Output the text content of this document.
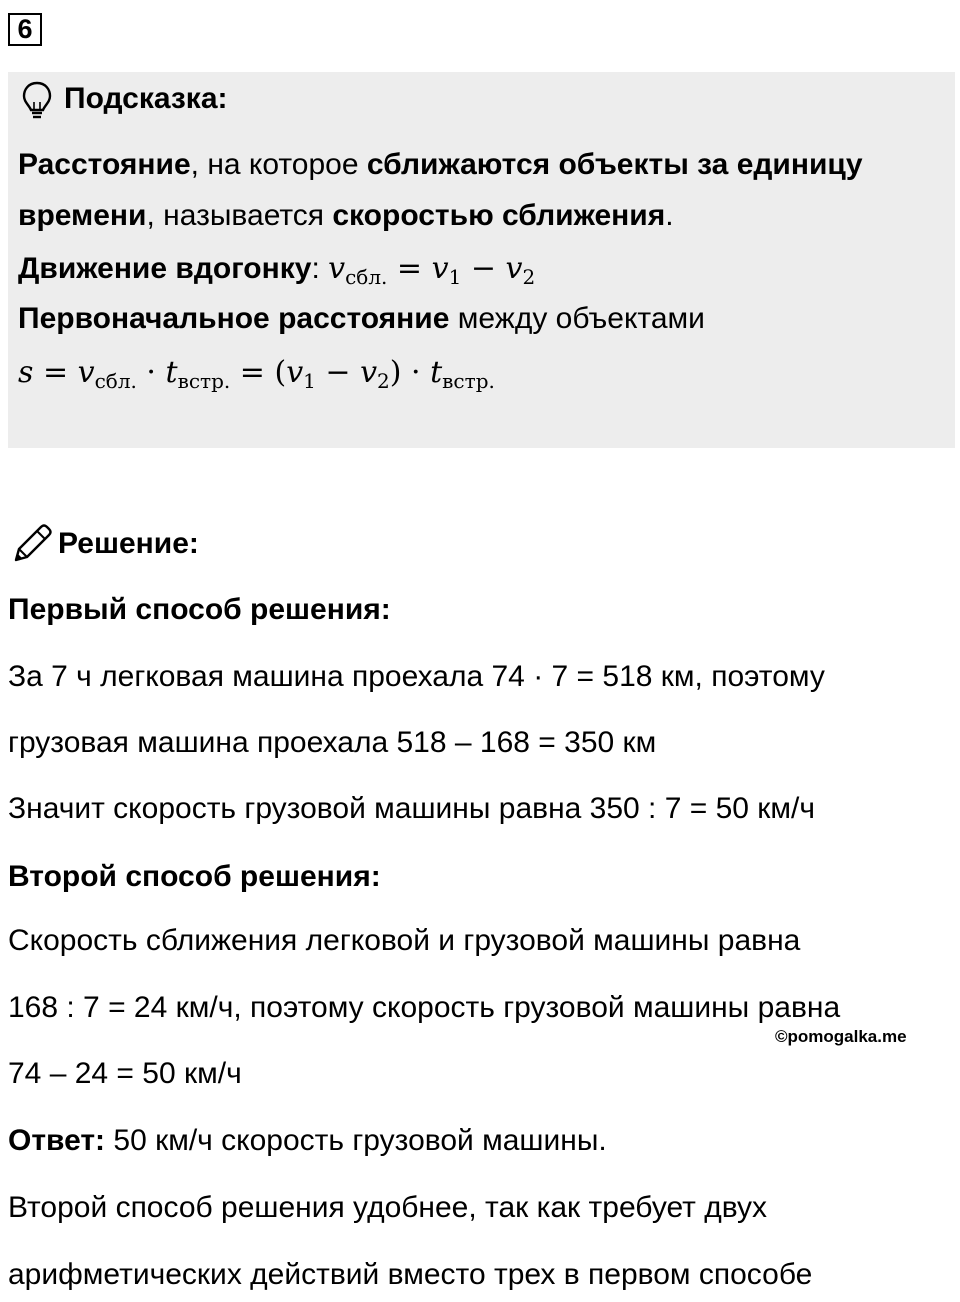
6
Подсказка:
Расстояние, на которое сближаются объекты за единицу
времени, называется скоростью сближения.
Движение вдогонку: $v_{сбл.} = v_1 - v_2$
Первоначальное расстояние между объектами
$s = v_{сбл.} \cdot t_{встр.} = (v_1 - v_2) \cdot t_{встр.}$
Решение:
Первый способ решения:
За 7 ч легковая машина проехала 74 · 7 = 518 км, поэтому
грузовая машина проехала 518 – 168 = 350 км
Значит скорость грузовой машины равна 350 : 7 = 50 км/ч
Второй способ решения:
Скорость сближения легковой и грузовой машины равна
168 : 7 = 24 км/ч, поэтому скорость грузовой машины равна
74 – 24 = 50 км/ч
©pomogalka.me
Ответ: 50 км/ч скорость грузовой машины.
Второй способ решения удобнее, так как требует двух
арифметических действий вместо трех в первом способе
